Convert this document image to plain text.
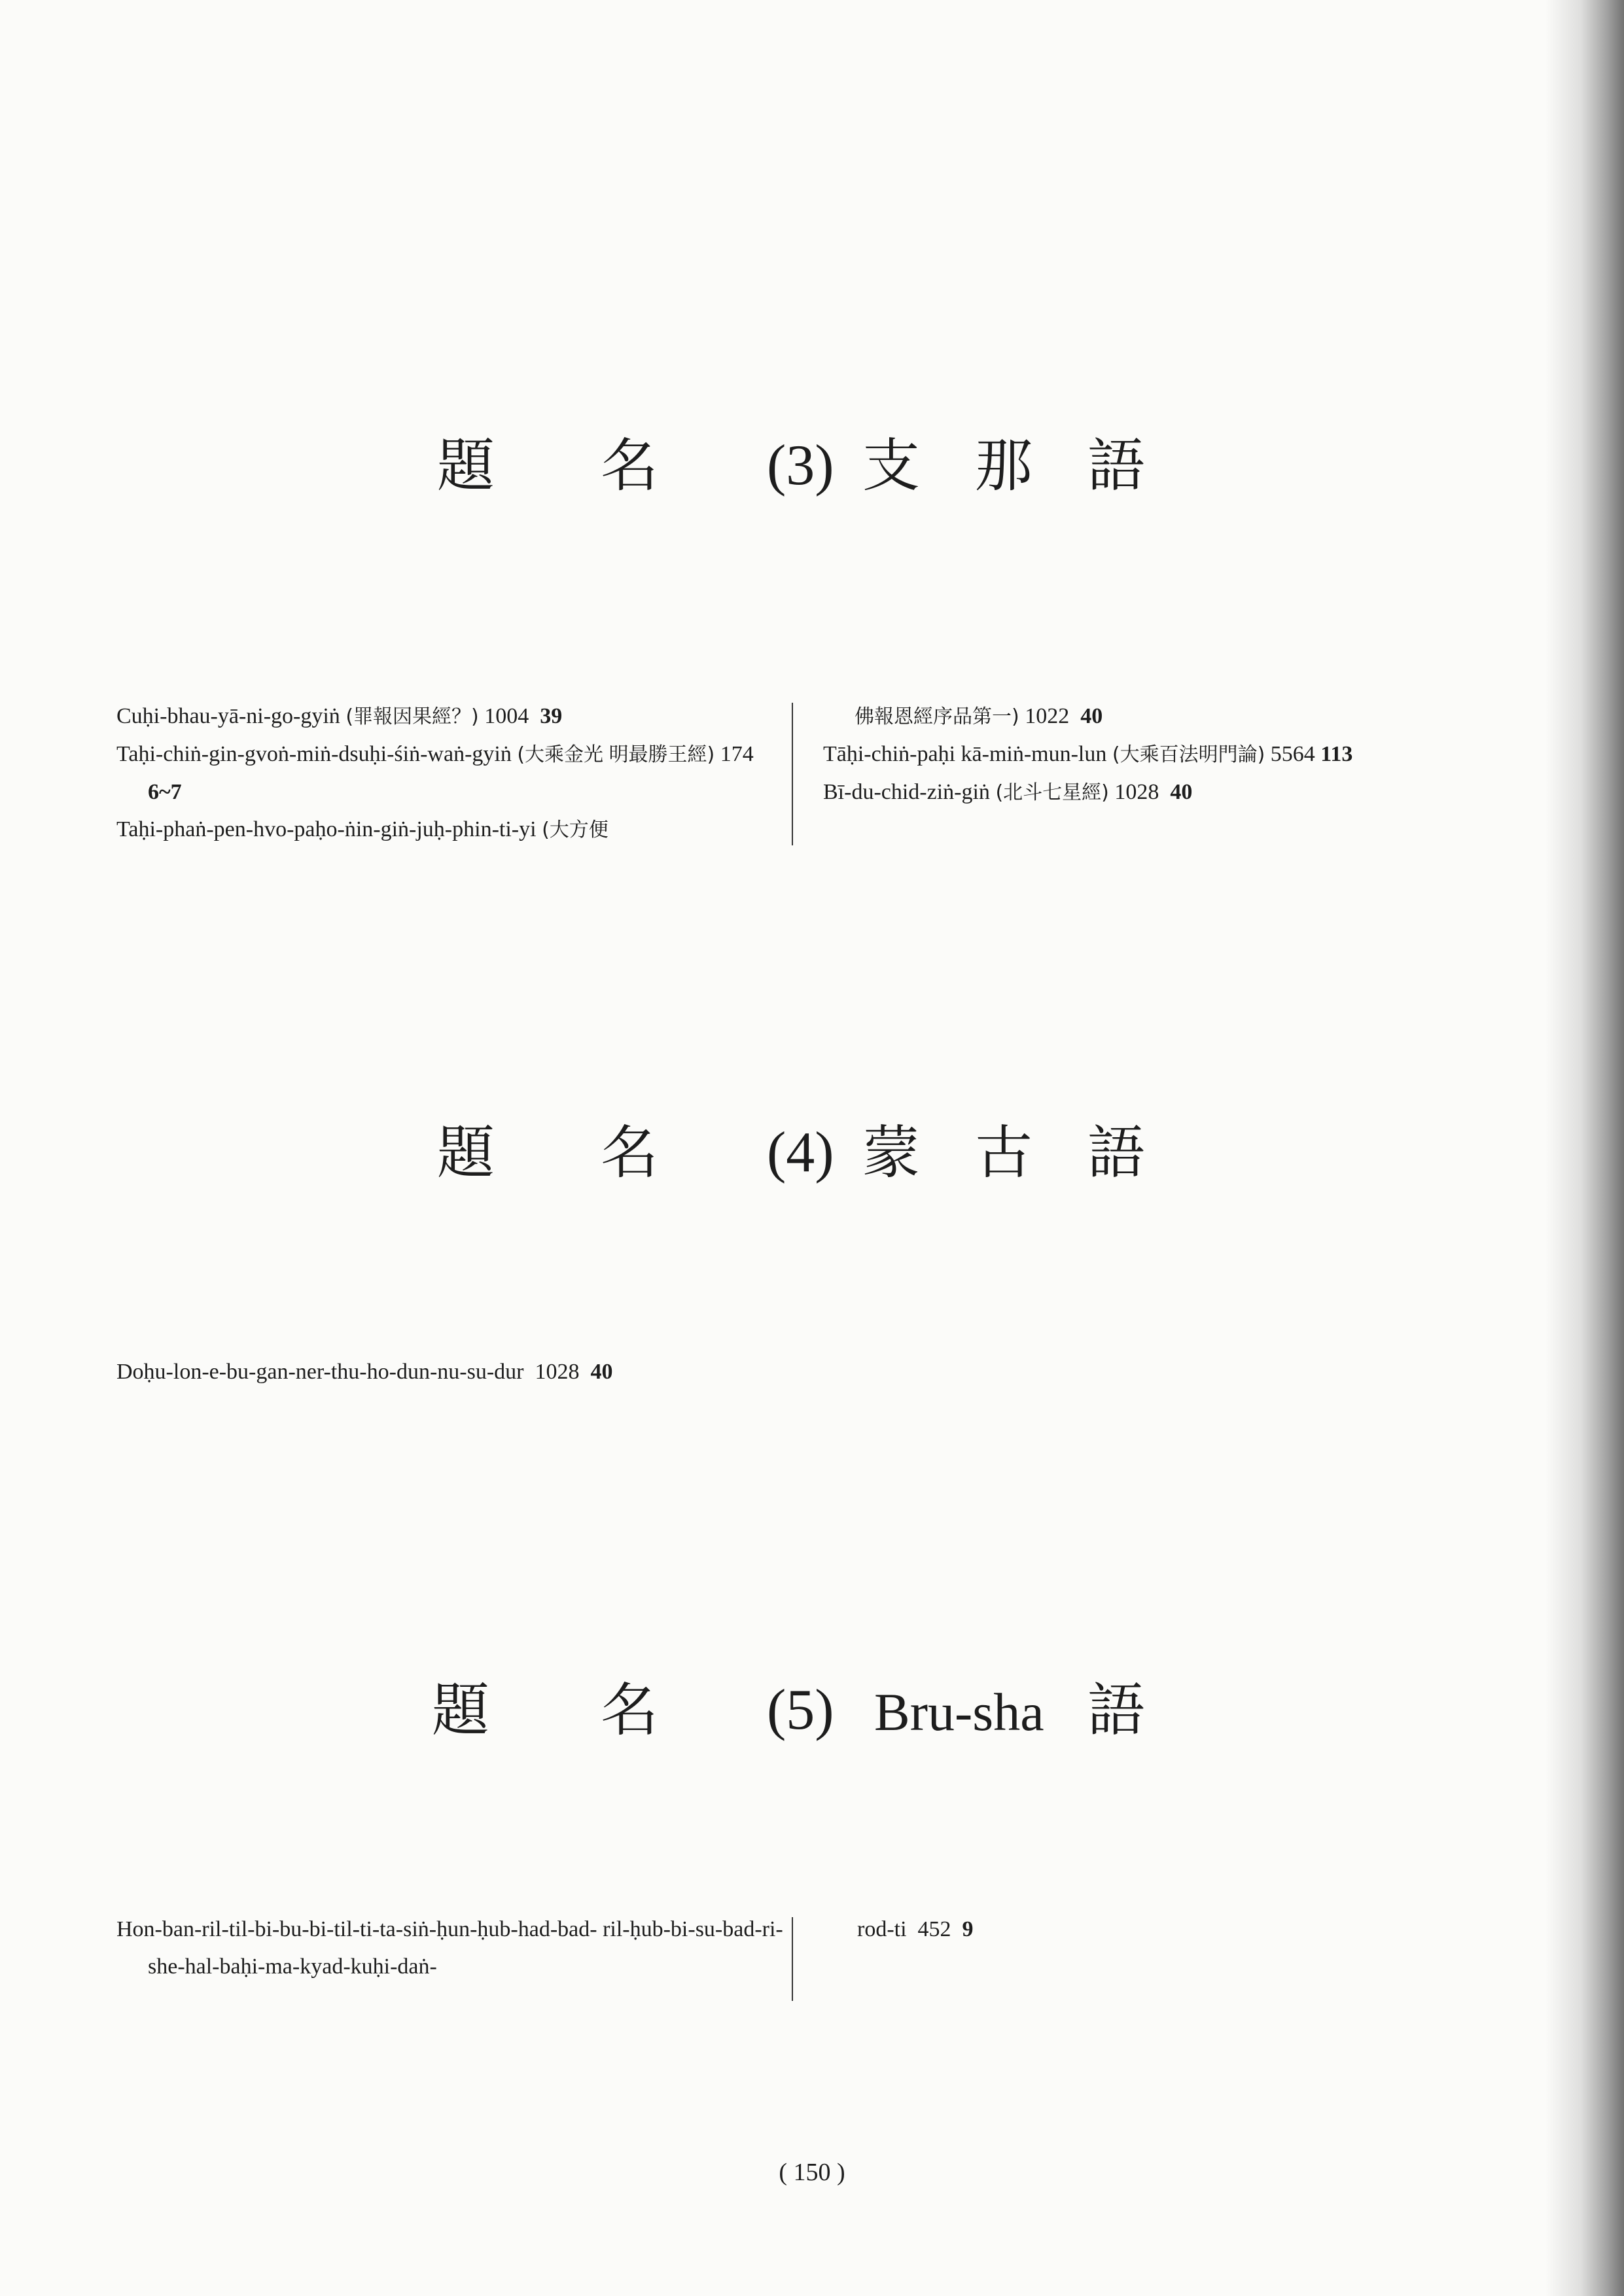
題 名 (3) 支 那 語

Cuḥi-bhau-yā-ni-go-gyiṅ (罪報因果經？) 1004 39

Taḥi-chiṅ-gin-gvoṅ-miṅ-dsuḥi-śiṅ-waṅ-gyiṅ (大乘金光 明最勝王經) 174  6~7

Taḥi-phaṅ-pen-hvo-paḥo-ṅin-giṅ-juḥ-phin-ti-yi (大方便

佛報恩經序品第一) 1022 40

Tāḥi-chiṅ-paḥi kā-miṅ-mun-lun (大乘百法明門論) 5564 113

Bī-du-chid-ziṅ-giṅ (北斗七星經) 1028 40

題 名 (4) 蒙 古 語

Doḥu-lon-e-bu-gan-ner-thu-ho-dun-nu-su-dur 1028 40

題 名 (5) Bru-sha 語

Hon-ban-ril-til-bi-bu-bi-til-ti-ta-siṅ-ḥun-ḥub-had-bad- ril-ḥub-bi-su-bad-ri-she-hal-baḥi-ma-kyad-kuḥi-daṅ-

rod-ti 452 9

( 150 )
